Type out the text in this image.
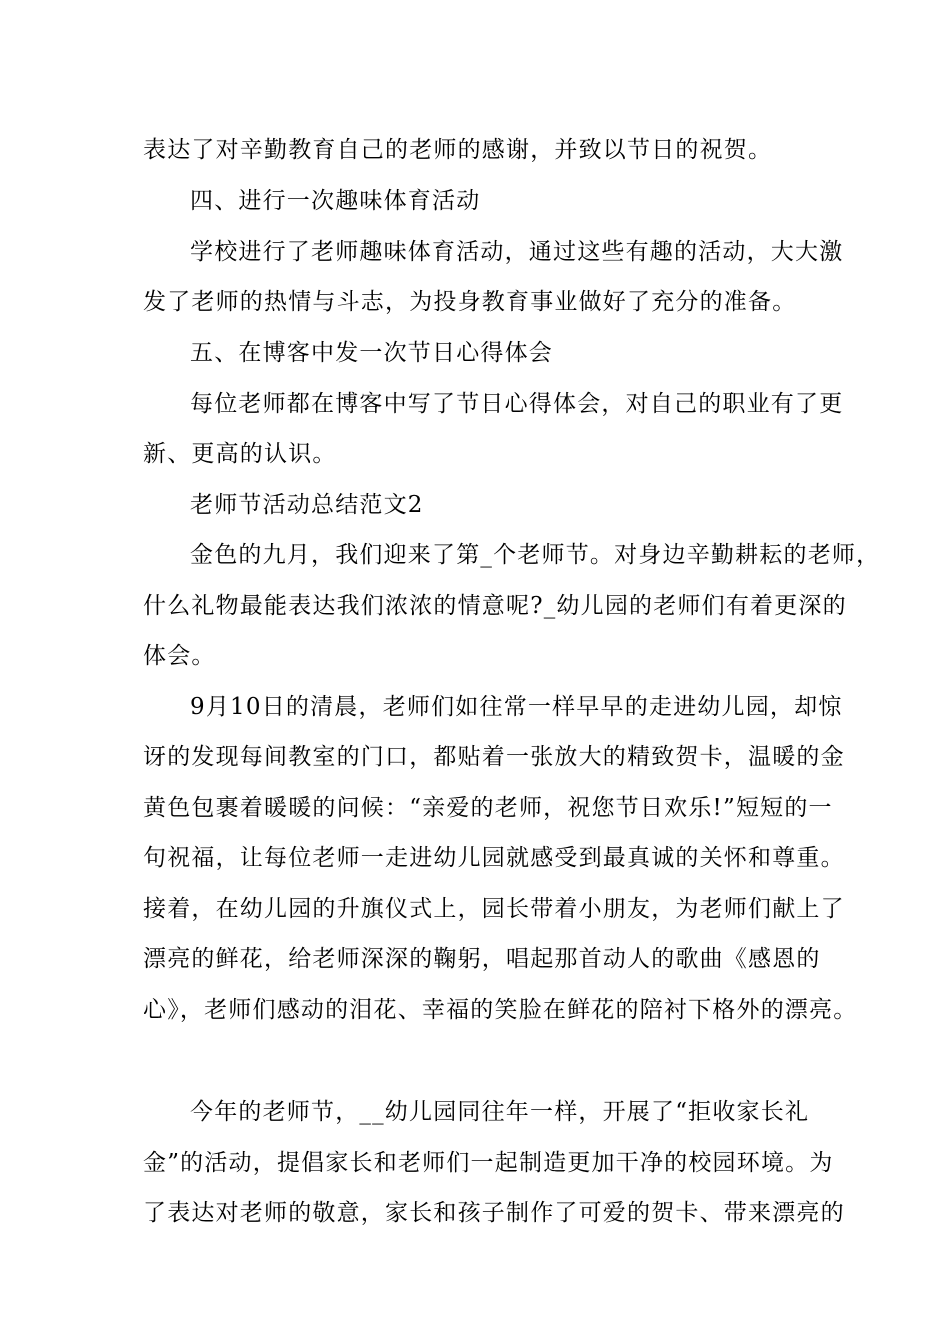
表达了对辛勤教育自己的老师的感谢，并致以节日的祝贺。
四、进行一次趣味体育活动
学校进行了老师趣味体育活动，通过这些有趣的活动，大大激
发了老师的热情与斗志，为投身教育事业做好了充分的准备。
五、在博客中发一次节日心得体会
每位老师都在博客中写了节日心得体会，对自己的职业有了更
新、更高的认识。
老师节活动总结范文2
金色的九月，我们迎来了第_个老师节。对身边辛勤耕耘的老师，
什么礼物最能表达我们浓浓的情意呢?_幼儿园的老师们有着更深的
体会。
9月10日的清晨，老师们如往常一样早早的走进幼儿园，却惊
讶的发现每间教室的门口，都贴着一张放大的精致贺卡，温暖的金
黄色包裹着暖暖的问候：“亲爱的老师，祝您节日欢乐!”短短的一
句祝福，让每位老师一走进幼儿园就感受到最真诚的关怀和尊重。
接着，在幼儿园的升旗仪式上，园长带着小朋友，为老师们献上了
漂亮的鲜花，给老师深深的鞠躬，唱起那首动人的歌曲《感恩的
心》，老师们感动的泪花、幸福的笑脸在鲜花的陪衬下格外的漂亮。
今年的老师节，__幼儿园同往年一样，开展了“拒收家长礼
金”的活动，提倡家长和老师们一起制造更加干净的校园环境。为
了表达对老师的敬意，家长和孩子制作了可爱的贺卡、带来漂亮的
